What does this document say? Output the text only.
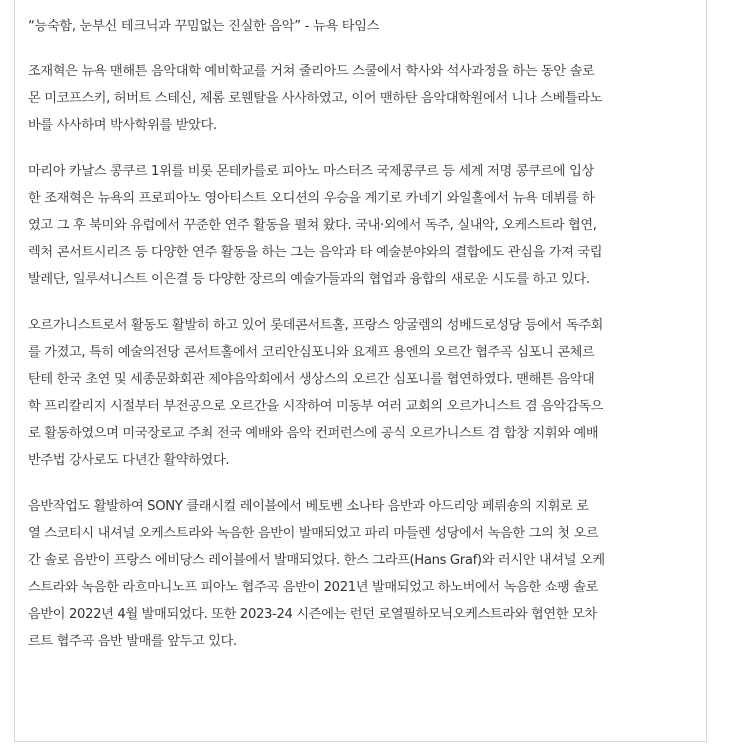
“능숙함, 눈부신 테크닉과 꾸밈없는 진실한 음악” - 뉴욕 타임스

조재혁은 뉴욕 맨해튼 음악대학 예비학교를 거쳐 줄리아드 스쿨에서 학사와 석사과정을 하는 동안 솔로
몬 미코프스키, 허버트 스테신, 제롬 로웬탈을 사사하였고, 이어 맨하탄 음악대학원에서 니나 스베틀라노
바를 사사하며 박사학위를 받았다.

마리아 카날스 콩쿠르 1위를 비롯 몬테카를로 피아노 마스터즈 국제콩쿠르 등 세계 저명 콩쿠르에 입상
한 조재혁은 뉴욕의 프로피아노 영아티스트 오디션의 우승을 계기로 카네기 와일홀에서 뉴욕 데뷔를 하
였고 그 후 북미와 유럽에서 꾸준한 연주 활동을 펼쳐 왔다. 국내·외에서 독주, 실내악, 오케스트라 협연,
렉처 콘서트시리즈 등 다양한 연주 활동을 하는 그는 음악과 타 예술분야와의 결합에도 관심을 가져 국립
발레단, 일루셔니스트 이은결 등 다양한 장르의 예술가들과의 협업과 융합의 새로운 시도를 하고 있다.

오르가니스트로서 활동도 활발히 하고 있어 롯데콘서트홀, 프랑스 앙굴렘의 성베드로성당 등에서 독주회
를 가졌고, 특히 예술의전당 콘서트홀에서 코리안심포니와 요제프 용엔의 오르간 협주곡 심포니 콘체르
탄테 한국 초연 및 세종문화회관 제야음악회에서 생상스의 오르간 심포니를 협연하였다. 맨해튼 음악대
학 프리칼리지 시절부터 부전공으로 오르간을 시작하여 미동부 여러 교회의 오르가니스트 겸 음악감독으
로 활동하였으며 미국장로교 주최 전국 예배와 음악 컨퍼런스에 공식 오르가니스트 겸 합창 지휘와 예배
반주법 강사로도 다년간 활약하였다.

음반작업도 활발하여 SONY 클래시컬 레이블에서 베토벤 소나타 음반과 아드리앙 페뤼숑의 지휘로 로
열 스코티시 내셔널 오케스트라와 녹음한 음반이 발매되었고 파리 마들렌 성당에서 녹음한 그의 첫 오르
간 솔로 음반이 프랑스 에비당스 레이블에서 발매되었다. 한스 그라프(Hans Graf)와 러시안 내셔널 오케
스트라와 녹음한 라흐마니노프 피아노 협주곡 음반이 2021년 발매되었고 하노버에서 녹음한 쇼팽 솔로
음반이 2022년 4월 발매되었다. 또한 2023-24 시즌에는 런던 로열필하모닉오케스트라와 협연한 모차
르트 협주곡 음반 발매를 앞두고 있다.
